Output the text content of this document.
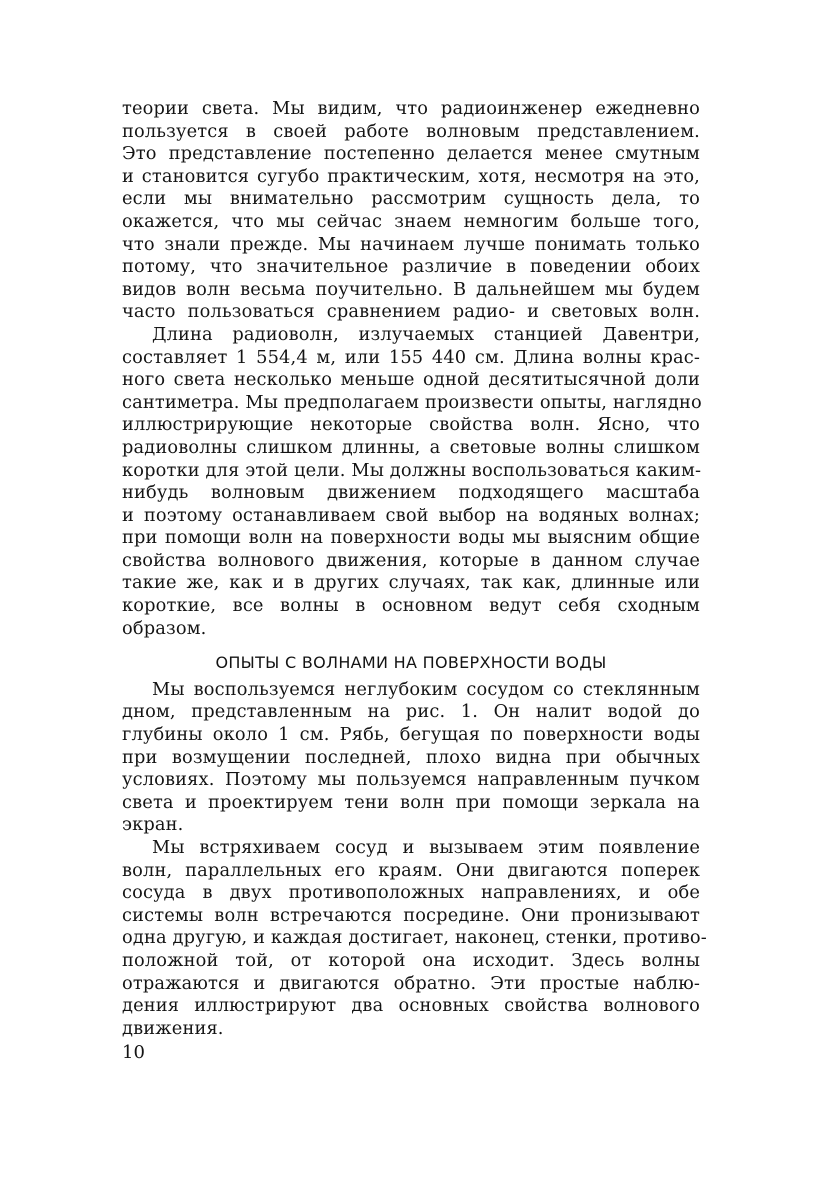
теории света. Мы видим, что радиоинженер ежедневно
пользуется в своей работе волновым представлением.
Это представление постепенно делается менее смутным
и становится сугубо практическим, хотя, несмотря на это,
если мы внимательно рассмотрим сущность дела, то
окажется, что мы сейчас знаем немногим больше того,
что знали прежде. Мы начинаем лучше понимать только
потому, что значительное различие в поведении обоих
видов волн весьма поучительно. В дальнейшем мы будем
часто пользоваться сравнением радио- и световых волн.
Длина радиоволн, излучаемых станцией Давентри,
составляет 1 554,4 м, или 155 440 см. Длина волны крас-
ного света несколько меньше одной десятитысячной доли
сантиметра. Мы предполагаем произвести опыты, наглядно
иллюстрирующие некоторые свойства волн. Ясно, что
радиоволны слишком длинны, а световые волны слишком
коротки для этой цели. Мы должны воспользоваться каким-
нибудь волновым движением подходящего масштаба
и поэтому останавливаем свой выбор на водяных волнах;
при помощи волн на поверхности воды мы выясним общие
свойства волнового движения, которые в данном случае
такие же, как и в других случаях, так как, длинные или
короткие, все волны в основном ведут себя сходным
образом.
ОПЫТЫ С ВОЛНАМИ НА ПОВЕРХНОСТИ ВОДЫ
Мы воспользуемся неглубоким сосудом со стеклянным
дном, представленным на рис. 1. Он налит водой до
глубины около 1 см. Рябь, бегущая по поверхности воды
при возмущении последней, плохо видна при обычных
условиях. Поэтому мы пользуемся направленным пучком
света и проектируем тени волн при помощи зеркала на
экран.
Мы встряхиваем сосуд и вызываем этим появление
волн, параллельных его краям. Они двигаются поперек
сосуда в двух противоположных направлениях, и обе
системы волн встречаются посредине. Они пронизывают
одна другую, и каждая достигает, наконец, стенки, противо-
положной той, от которой она исходит. Здесь волны
отражаются и двигаются обратно. Эти простые наблю-
дения иллюстрируют два основных свойства волнового
движения.
10
